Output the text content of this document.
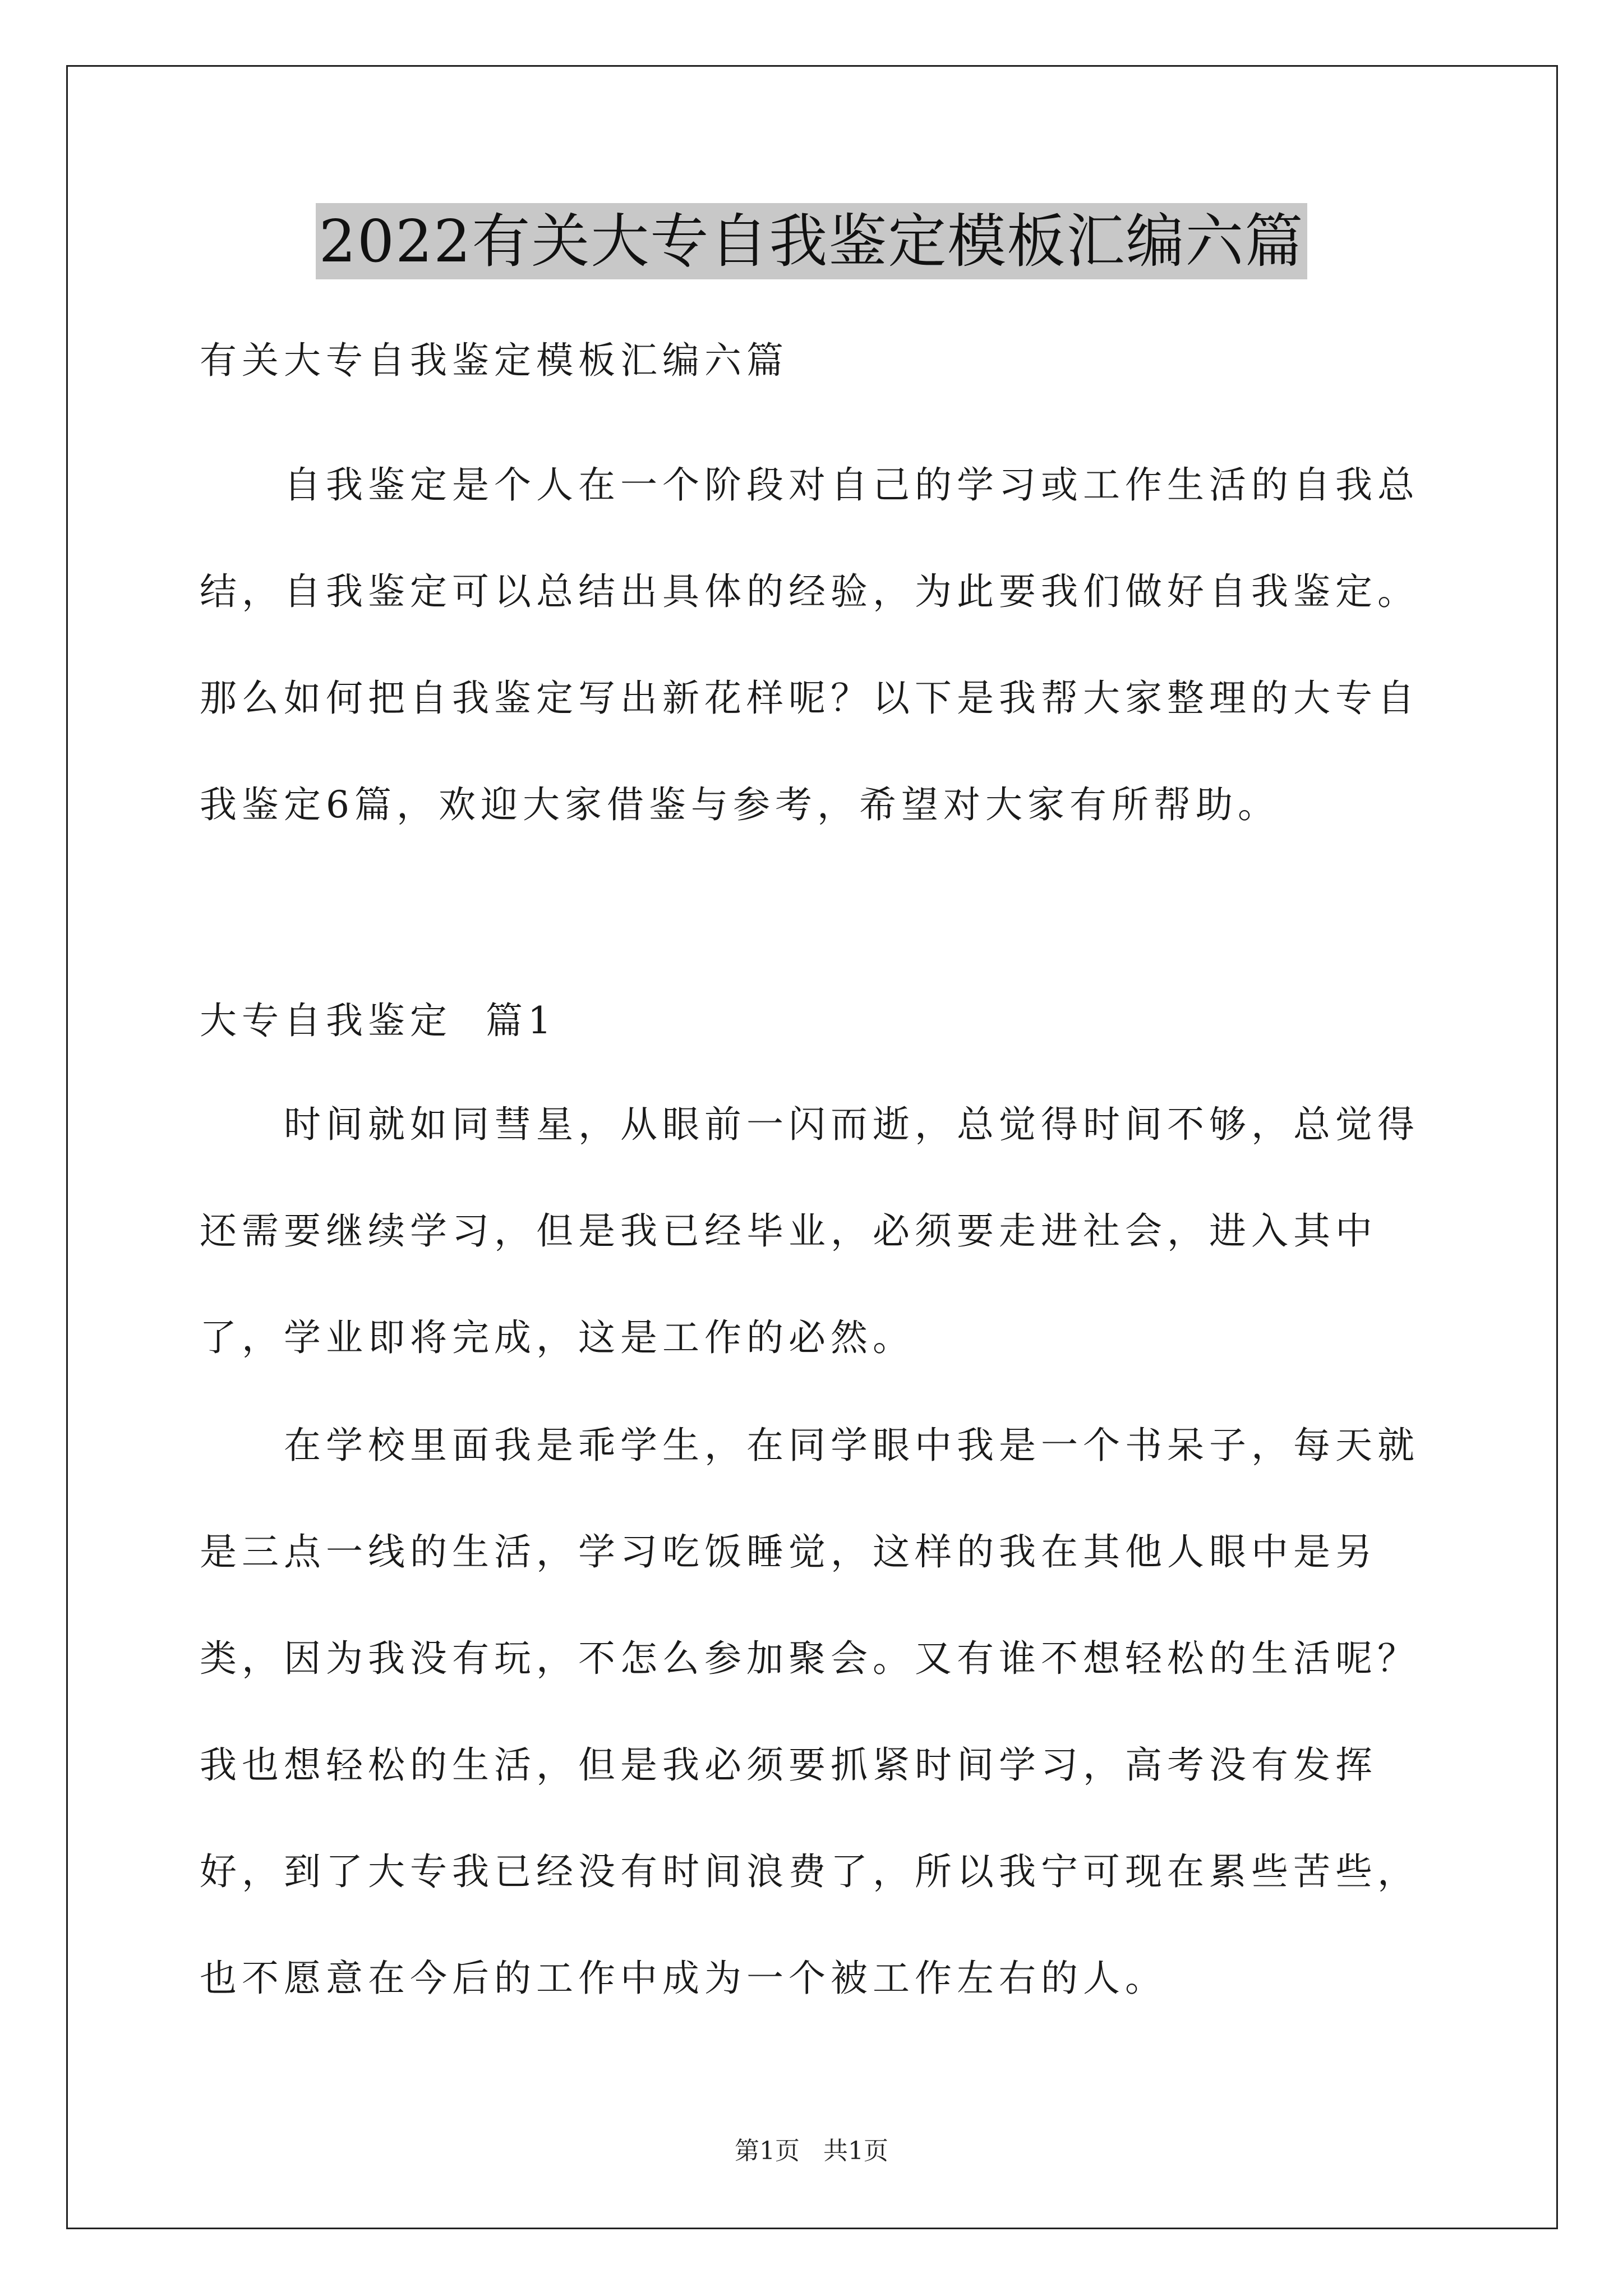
2022有关大专自我鉴定模板汇编六篇

有关大专自我鉴定模板汇编六篇

自我鉴定是个人在一个阶段对自己的学习或工作生活的自我总结，自我鉴定可以总结出具体的经验，为此要我们做好自我鉴定。那么如何把自我鉴定写出新花样呢？以下是我帮大家整理的大专自我鉴定6篇，欢迎大家借鉴与参考，希望对大家有所帮助。

大专自我鉴定  篇1

时间就如同彗星，从眼前一闪而逝，总觉得时间不够，总觉得还需要继续学习，但是我已经毕业，必须要走进社会，进入其中了，学业即将完成，这是工作的必然。

在学校里面我是乖学生，在同学眼中我是一个书呆子，每天就是三点一线的生活，学习吃饭睡觉，这样的我在其他人眼中是另类，因为我没有玩，不怎么参加聚会。又有谁不想轻松的生活呢？我也想轻松的生活，但是我必须要抓紧时间学习，高考没有发挥好，到了大专我已经没有时间浪费了，所以我宁可现在累些苦些，也不愿意在今后的工作中成为一个被工作左右的人。

第1页   共1页
